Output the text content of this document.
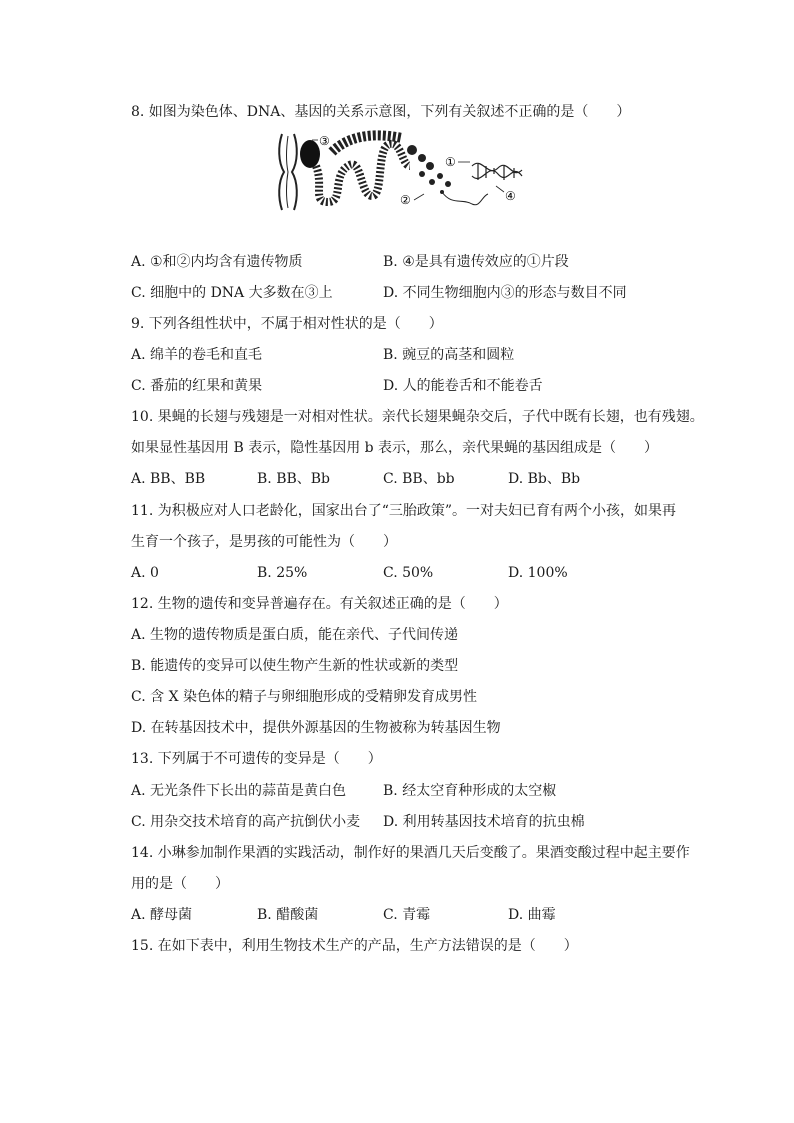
8. 如图为染色体、DNA、基因的关系示意图，下列有关叙述不正确的是（　　）
③
①
②	④
A. ①和②内均含有遗传物质	B. ④是具有遗传效应的①片段
C. 细胞中的 DNA 大多数在③上	D. 不同生物细胞内③的形态与数目不同
9. 下列各组性状中，不属于相对性状的是（　　）
A. 绵羊的卷毛和直毛	B. 豌豆的高茎和圆粒
C. 番茄的红果和黄果	D. 人的能卷舌和不能卷舌
10. 果蝇的长翅与残翅是一对相对性状。亲代长翅果蝇杂交后，子代中既有长翅，也有残翅。
如果显性基因用 B 表示，隐性基因用 b 表示，那么，亲代果蝇的基因组成是（　　）
A. BB、BB	B. BB、Bb	C. BB、bb	D. Bb、Bb
11. 为积极应对人口老龄化，国家出台了“三胎政策”。一对夫妇已育有两个小孩，如果再
生育一个孩子，是男孩的可能性为（　　）
A. 0	B. 25%	C. 50%	D. 100%
12. 生物的遗传和变异普遍存在。有关叙述正确的是（　　）
A. 生物的遗传物质是蛋白质，能在亲代、子代间传递
B. 能遗传的变异可以使生物产生新的性状或新的类型
C. 含 X 染色体的精子与卵细胞形成的受精卵发育成男性
D. 在转基因技术中，提供外源基因的生物被称为转基因生物
13. 下列属于不可遗传的变异是（　　）
A. 无光条件下长出的蒜苗是黄白色	B. 经太空育种形成的太空椒
C. 用杂交技术培育的高产抗倒伏小麦 D. 利用转基因技术培育的抗虫棉
14. 小琳参加制作果酒的实践活动，制作好的果酒几天后变酸了。果酒变酸过程中起主要作
用的是（　　）
A. 酵母菌	B. 醋酸菌	C. 青霉	D. 曲霉
15. 在如下表中，利用生物技术生产的产品，生产方法错误的是（　　）
